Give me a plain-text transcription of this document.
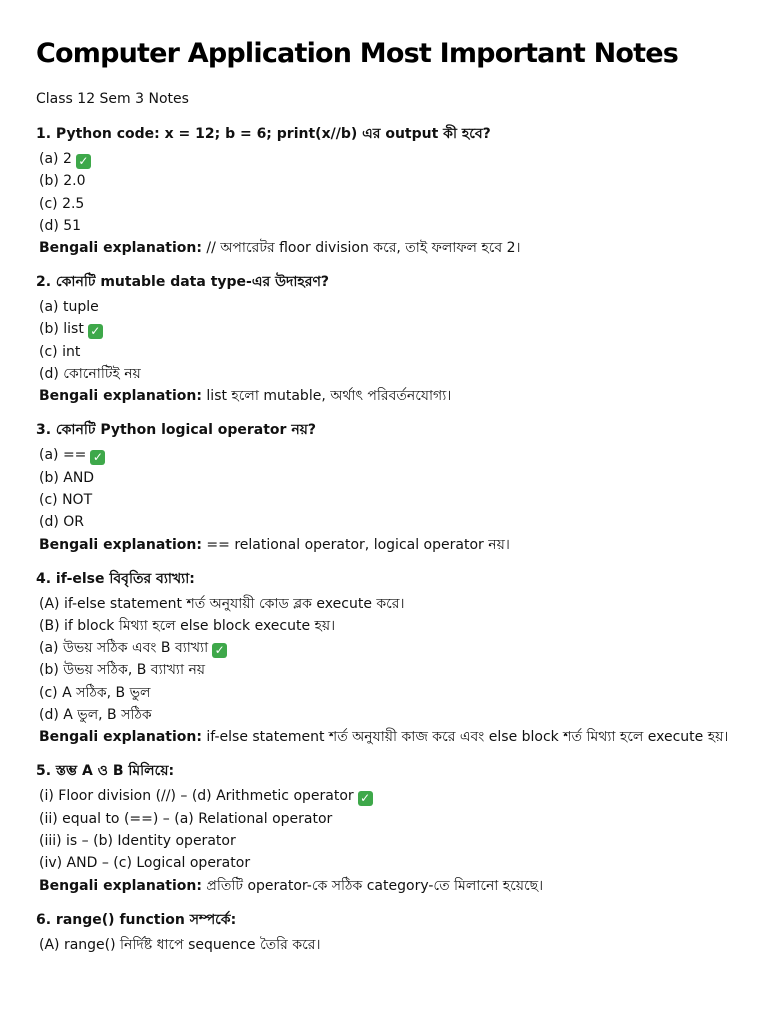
Computer Application Most Important Notes
Class 12 Sem 3 Notes
1. Python code: x = 12; b = 6; print(x//b) এর output কী হবে?
(a) 2 ✓
(b) 2.0
(c) 2.5
(d) 51
Bengali explanation: // অপারেটর floor division করে, তাই ফলাফল হবে 2।
2. কোনটি mutable data type-এর উদাহরণ?
(a) tuple
(b) list ✓
(c) int
(d) কোনোটিই নয়
Bengali explanation: list হলো mutable, অর্থাৎ পরিবর্তনযোগ্য।
3. কোনটি Python logical operator নয়?
(a) == ✓
(b) AND
(c) NOT
(d) OR
Bengali explanation: == relational operator, logical operator নয়।
4. if-else বিবৃতির ব্যাখ্যা:
(A) if-else statement শর্ত অনুযায়ী কোড ব্লক execute করে।
(B) if block মিথ্যা হলে else block execute হয়।
(a) উভয় সঠিক এবং B ব্যাখ্যা ✓
(b) উভয় সঠিক, B ব্যাখ্যা নয়
(c) A সঠিক, B ভুল
(d) A ভুল, B সঠিক
Bengali explanation: if-else statement শর্ত অনুযায়ী কাজ করে এবং else block শর্ত মিথ্যা হলে execute হয়।
5. স্তম্ভ A ও B মিলিয়ে:
(i) Floor division (//) – (d) Arithmetic operator ✓
(ii) equal to (==) – (a) Relational operator
(iii) is – (b) Identity operator
(iv) AND – (c) Logical operator
Bengali explanation: প্রতিটি operator-কে সঠিক category-তে মিলানো হয়েছে।
6. range() function সম্পর্কে:
(A) range() নির্দিষ্ট ধাপে sequence তৈরি করে।
